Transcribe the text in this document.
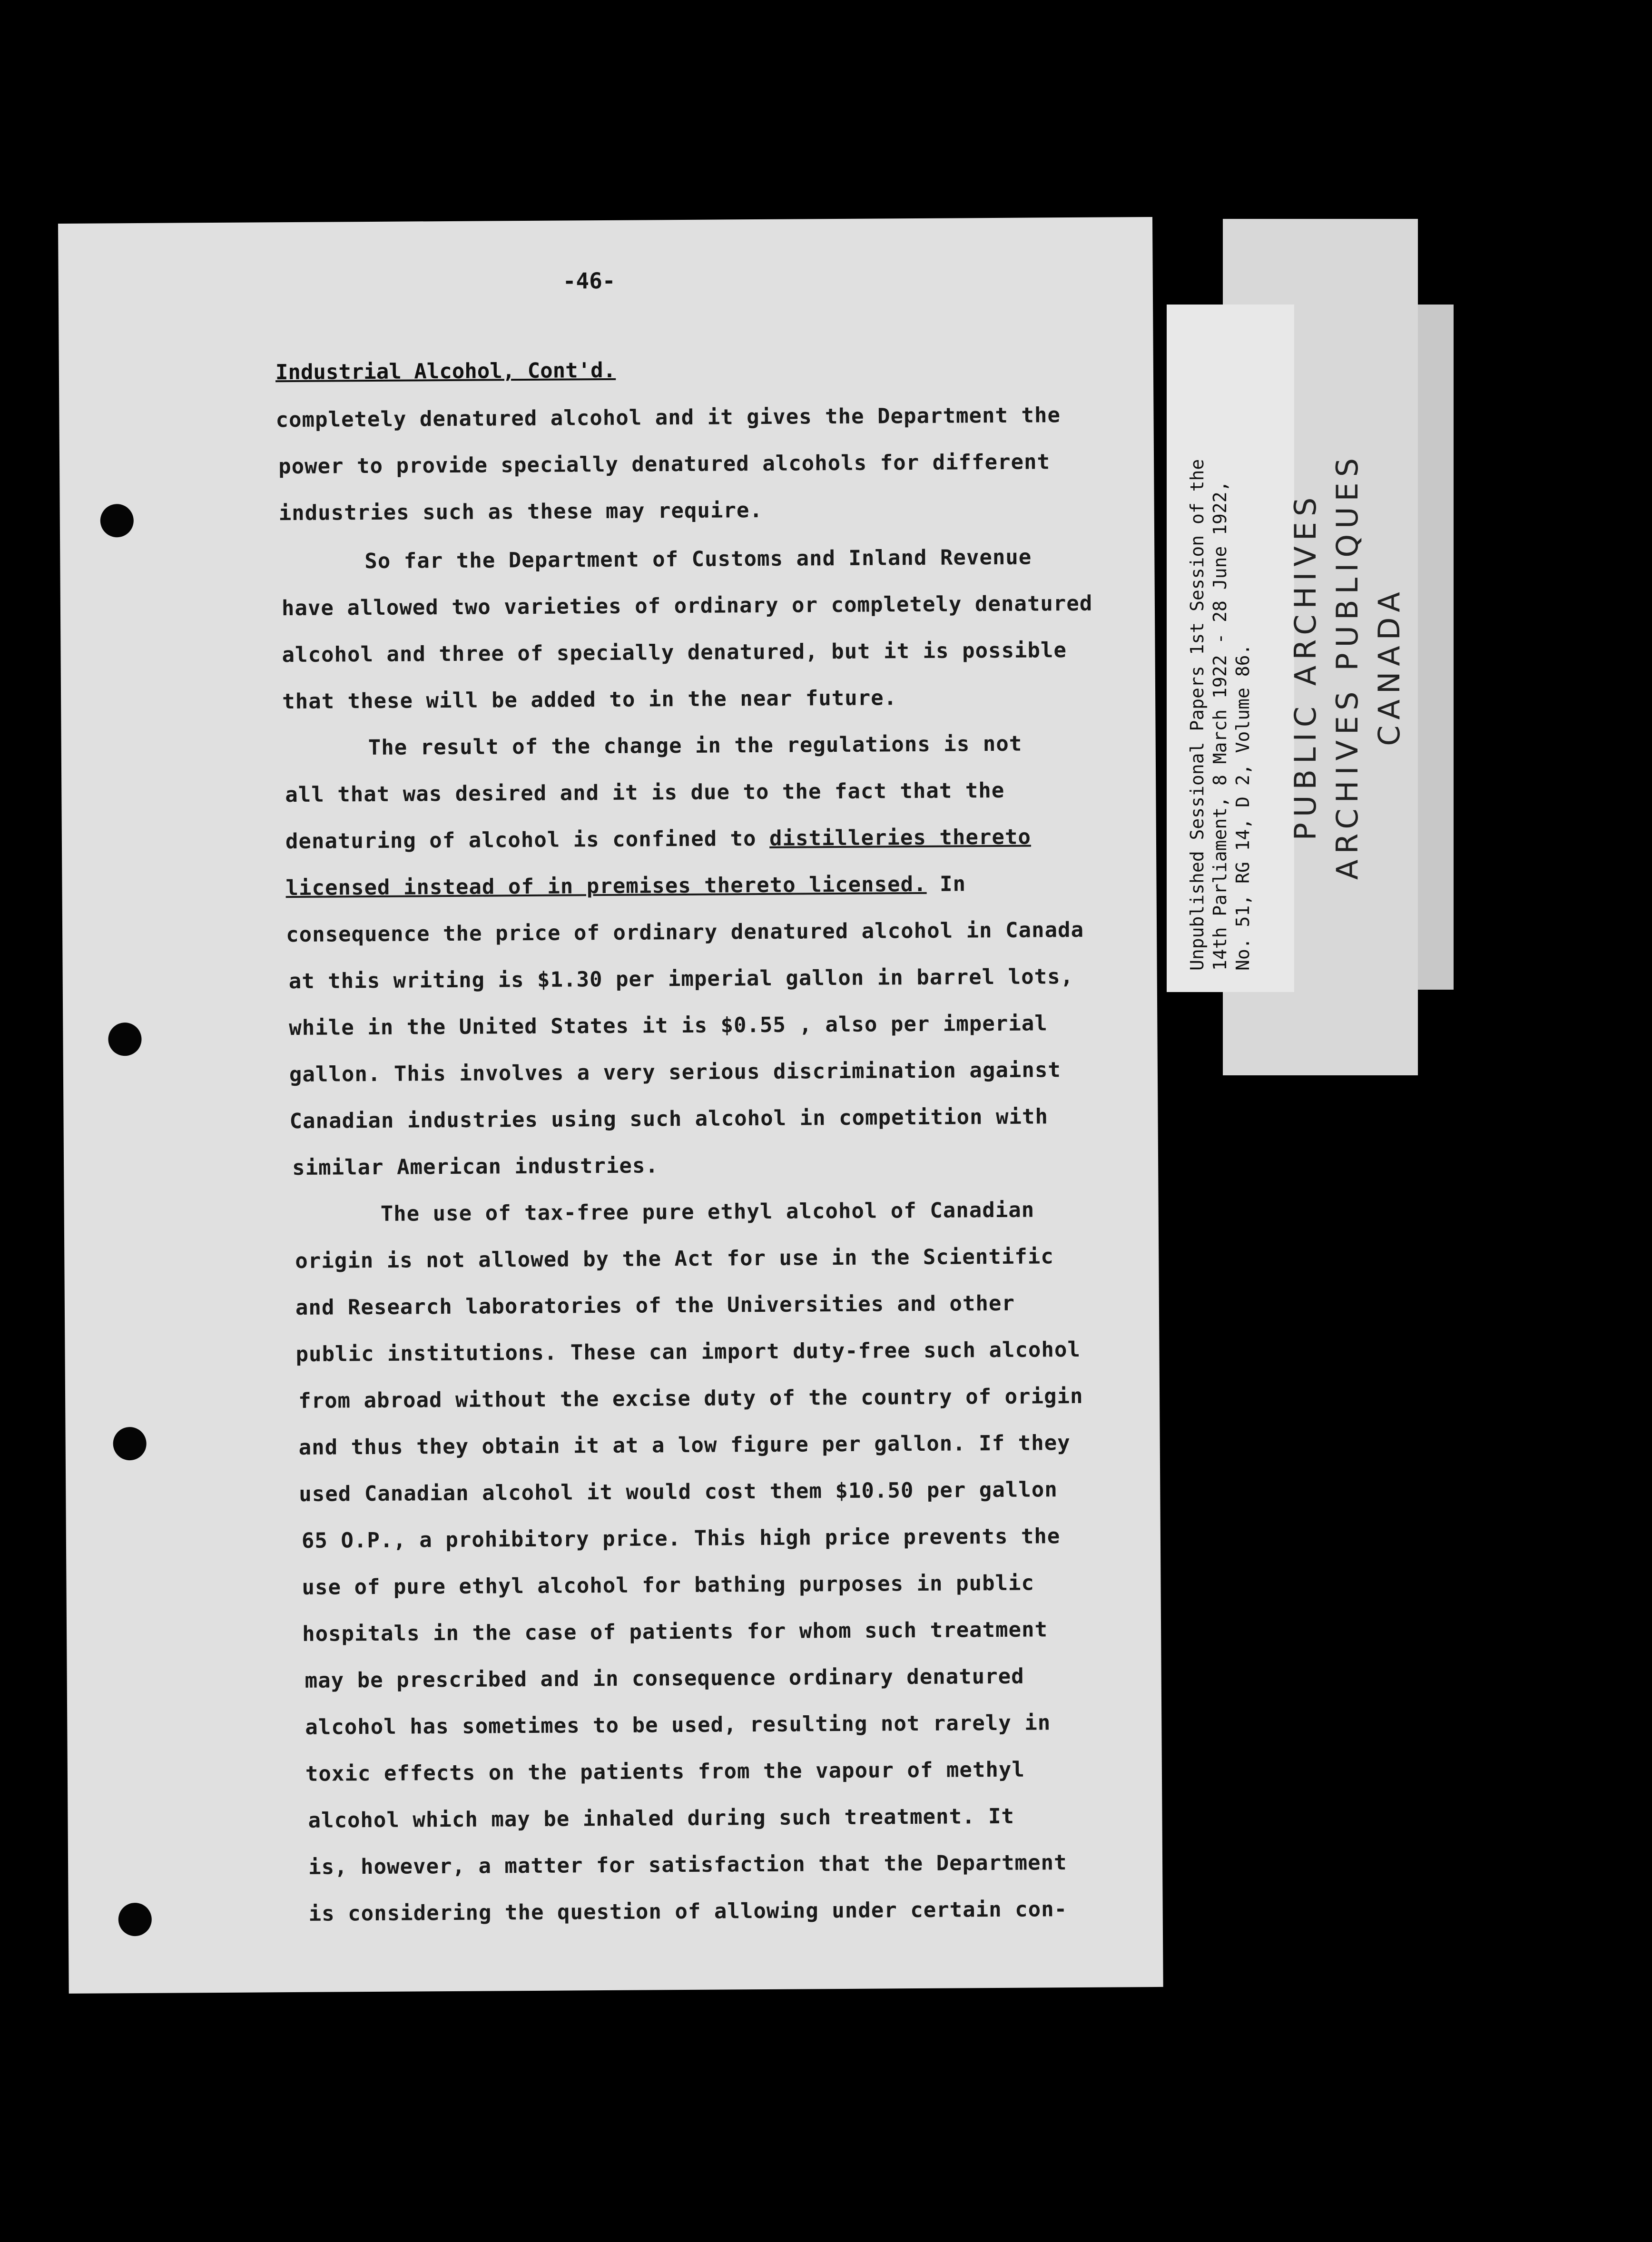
-46-
Industrial Alcohol, Cont'd.
completely denatured alcohol and it gives the Department the
power to provide specially denatured alcohols for different
industries such as these may require.
So far the Department of Customs and Inland Revenue
have allowed two varieties of ordinary or completely denatured
alcohol and three of specially denatured, but it is possible
that these will be added to in the near future.
The result of the change in the regulations is not
all that was desired and it is due to the fact that the
denaturing of alcohol is confined to distilleries thereto
licensed instead of in premises thereto licensed. In
consequence the price of ordinary denatured alcohol in Canada
at this writing is $1.30 per imperial gallon in barrel lots,
while in the United States it is $0.55 , also per imperial
gallon. This involves a very serious discrimination against
Canadian industries using such alcohol in competition with
similar American industries.
The use of tax-free pure ethyl alcohol of Canadian
origin is not allowed by the Act for use in the Scientific
and Research laboratories of the Universities and other
public institutions. These can import duty-free such alcohol
from abroad without the excise duty of the country of origin
and thus they obtain it at a low figure per gallon. If they
used Canadian alcohol it would cost them $10.50 per gallon
65 O.P., a prohibitory price. This high price prevents the
use of pure ethyl alcohol for bathing purposes in public
hospitals in the case of patients for whom such treatment
may be prescribed and in consequence ordinary denatured
alcohol has sometimes to be used, resulting not rarely in
toxic effects on the patients from the vapour of methyl
alcohol which may be inhaled during such treatment. It
is, however, a matter for satisfaction that the Department
is considering the question of allowing under certain con-
Unpublished Sessional Papers 1st Session of the 14th Parliament, 8 March 1922 - 28 June 1922, No. 51, RG 14, D 2, Volume 86. PUBLIC ARCHIVES ARCHIVES PUBLIQUES CANADA
